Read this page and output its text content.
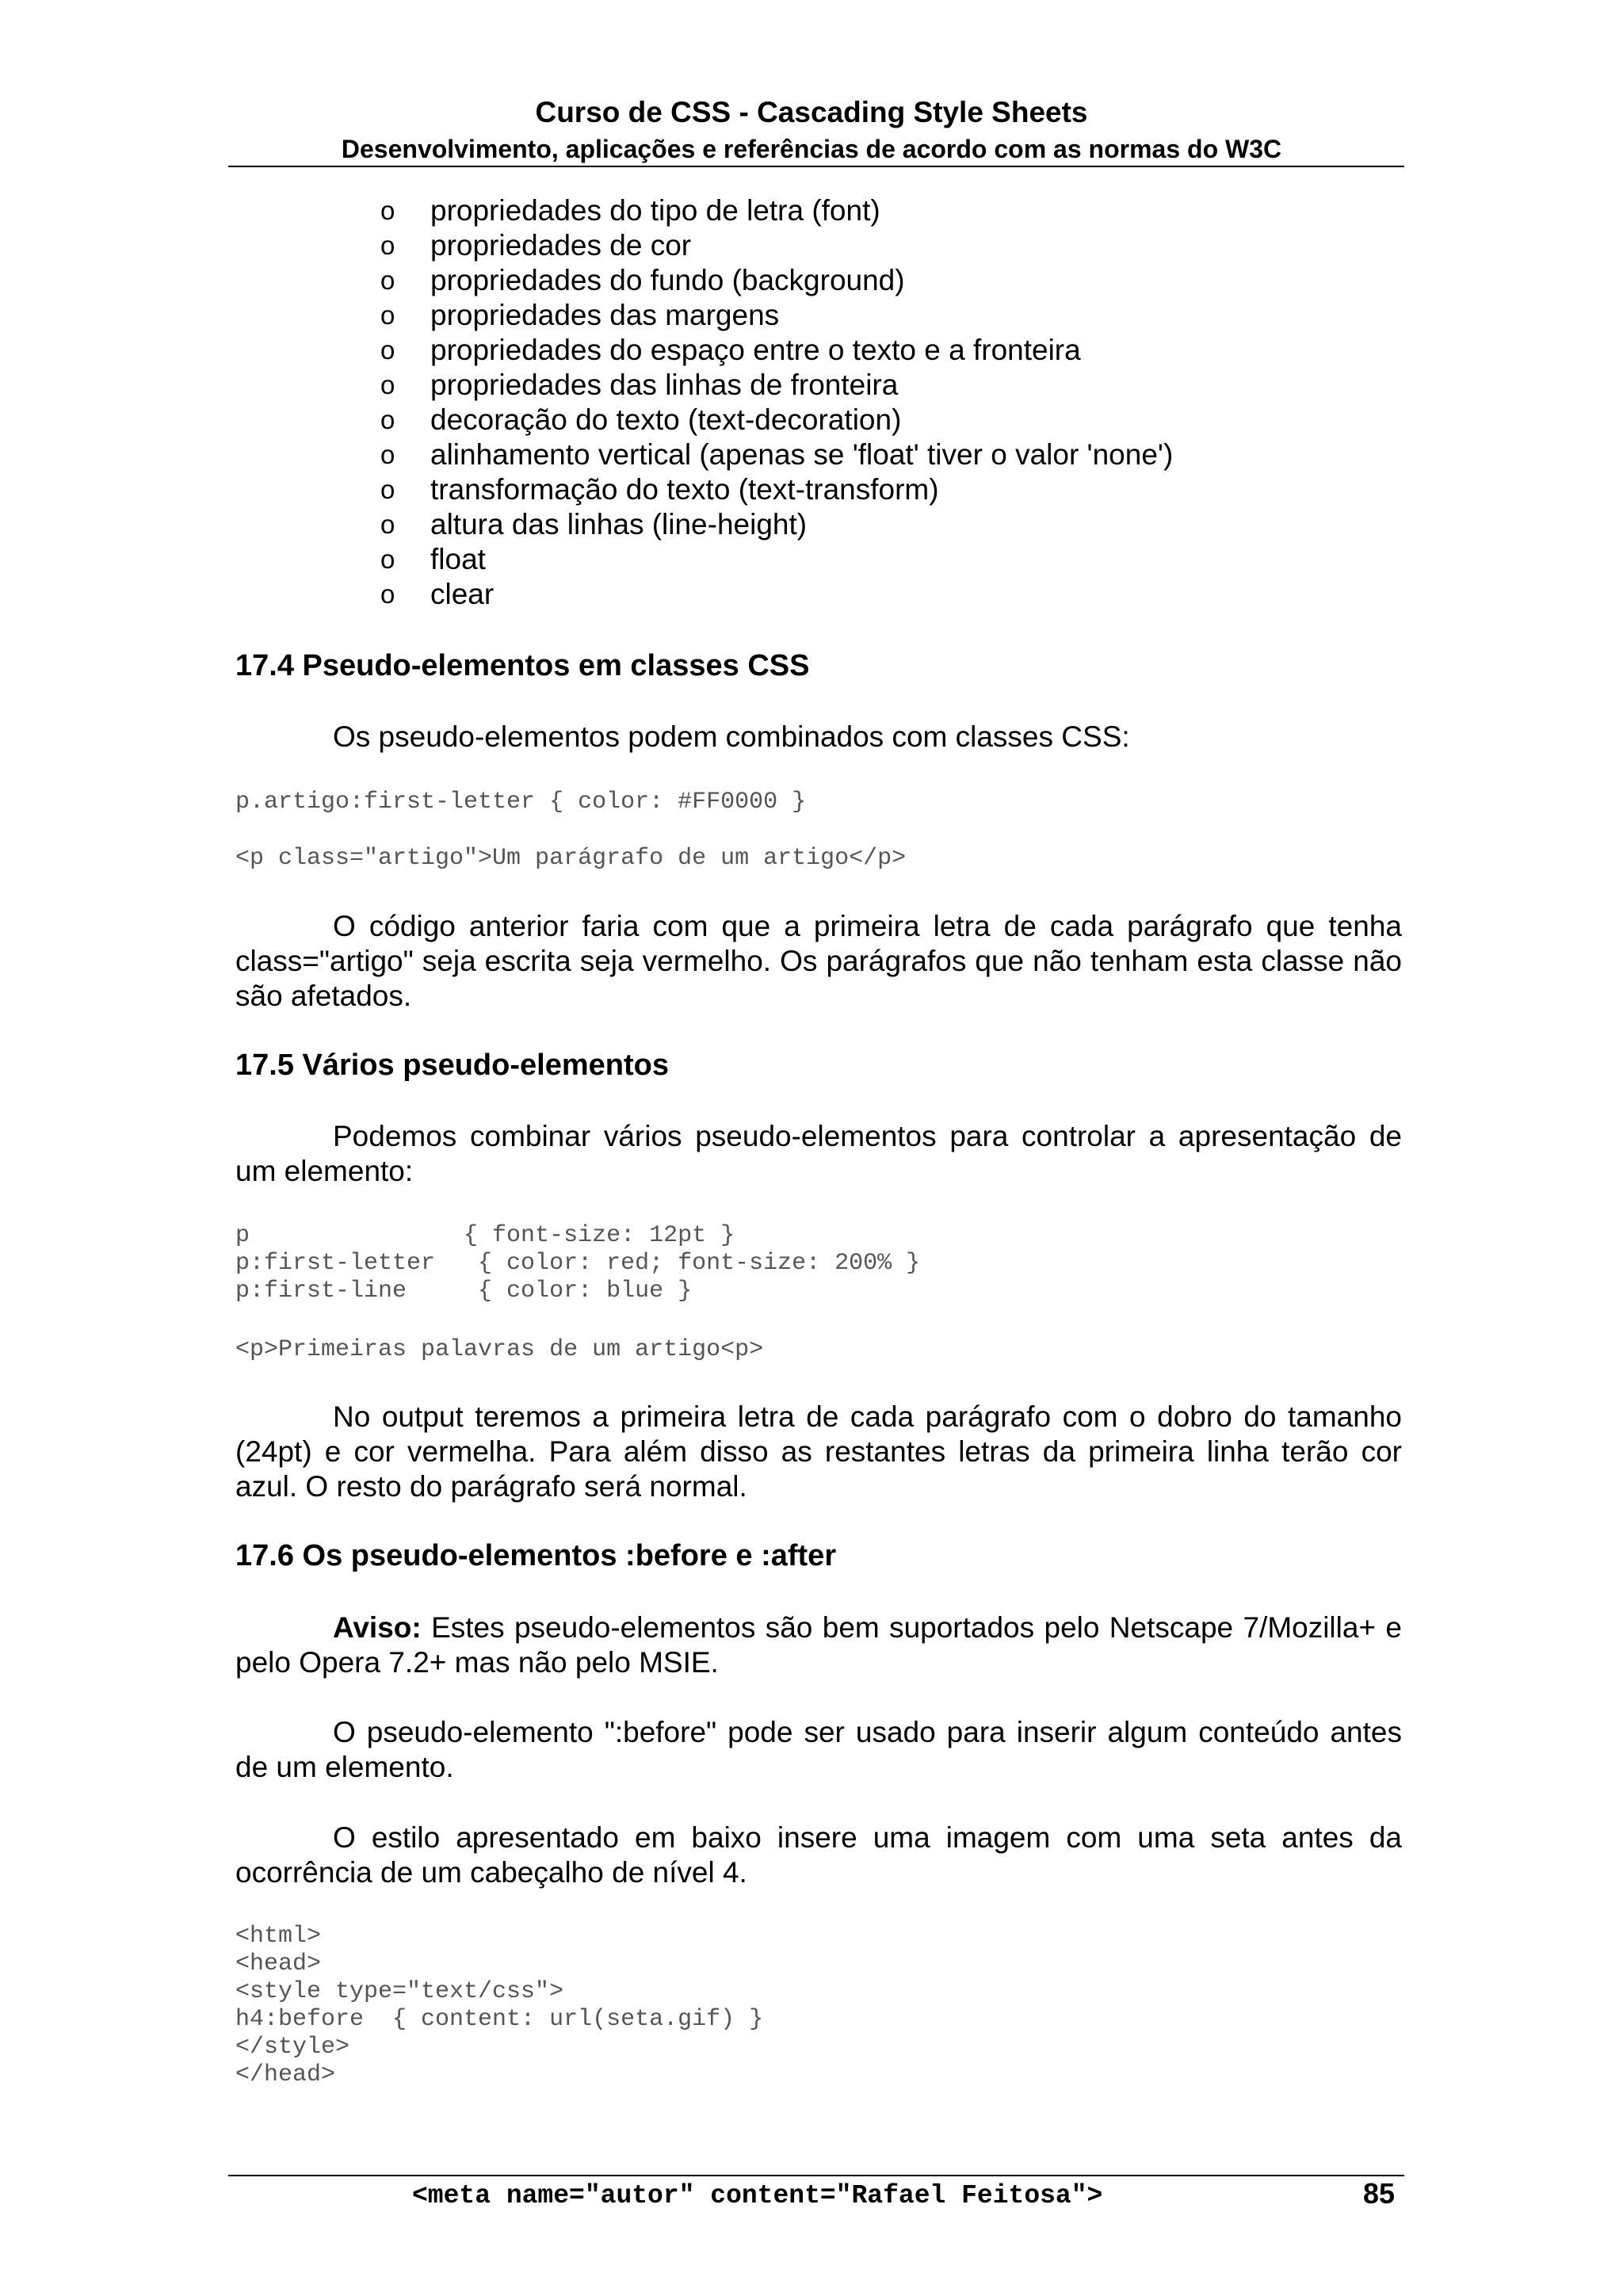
Curso de CSS - Cascading Style Sheets
Desenvolvimento, aplicações e referências de acordo com as normas do W3C
o propriedades do tipo de letra (font)
o propriedades de cor
o propriedades do fundo (background)
o propriedades das margens
o propriedades do espaço entre o texto e a fronteira
o propriedades das linhas de fronteira
o decoração do texto (text-decoration)
o alinhamento vertical (apenas se 'float' tiver o valor 'none')
o transformação do texto (text-transform)
o altura das linhas (line-height)
o float
o clear
17.4 Pseudo-elementos em classes CSS
Os pseudo-elementos podem combinados com classes CSS:
p.artigo:first-letter { color: #FF0000 }
<p class="artigo">Um parágrafo de um artigo</p>
O código anterior faria com que a primeira letra de cada parágrafo que tenha class="artigo" seja escrita seja vermelho. Os parágrafos que não tenham esta classe não são afetados.
17.5 Vários pseudo-elementos
Podemos combinar vários pseudo-elementos para controlar a apresentação de um elemento:
p               { font-size: 12pt }
p:first-letter   { color: red; font-size: 200% }
p:first-line     { color: blue }
<p>Primeiras palavras de um artigo<p>
No output teremos a primeira letra de cada parágrafo com o dobro do tamanho (24pt) e cor vermelha. Para além disso as restantes letras da primeira linha terão cor azul. O resto do parágrafo será normal.
17.6 Os pseudo-elementos :before e :after
Aviso: Estes pseudo-elementos são bem suportados pelo Netscape 7/Mozilla+ e pelo Opera 7.2+ mas não pelo MSIE.
O pseudo-elemento ":before" pode ser usado para inserir algum conteúdo antes de um elemento.
O estilo apresentado em baixo insere uma imagem com uma seta antes da ocorrência de um cabeçalho de nível 4.
<html>
<head>
<style type="text/css">
h4:before  { content: url(seta.gif) }
</style>
</head>
<meta name="autor" content="Rafael Feitosa">	85
